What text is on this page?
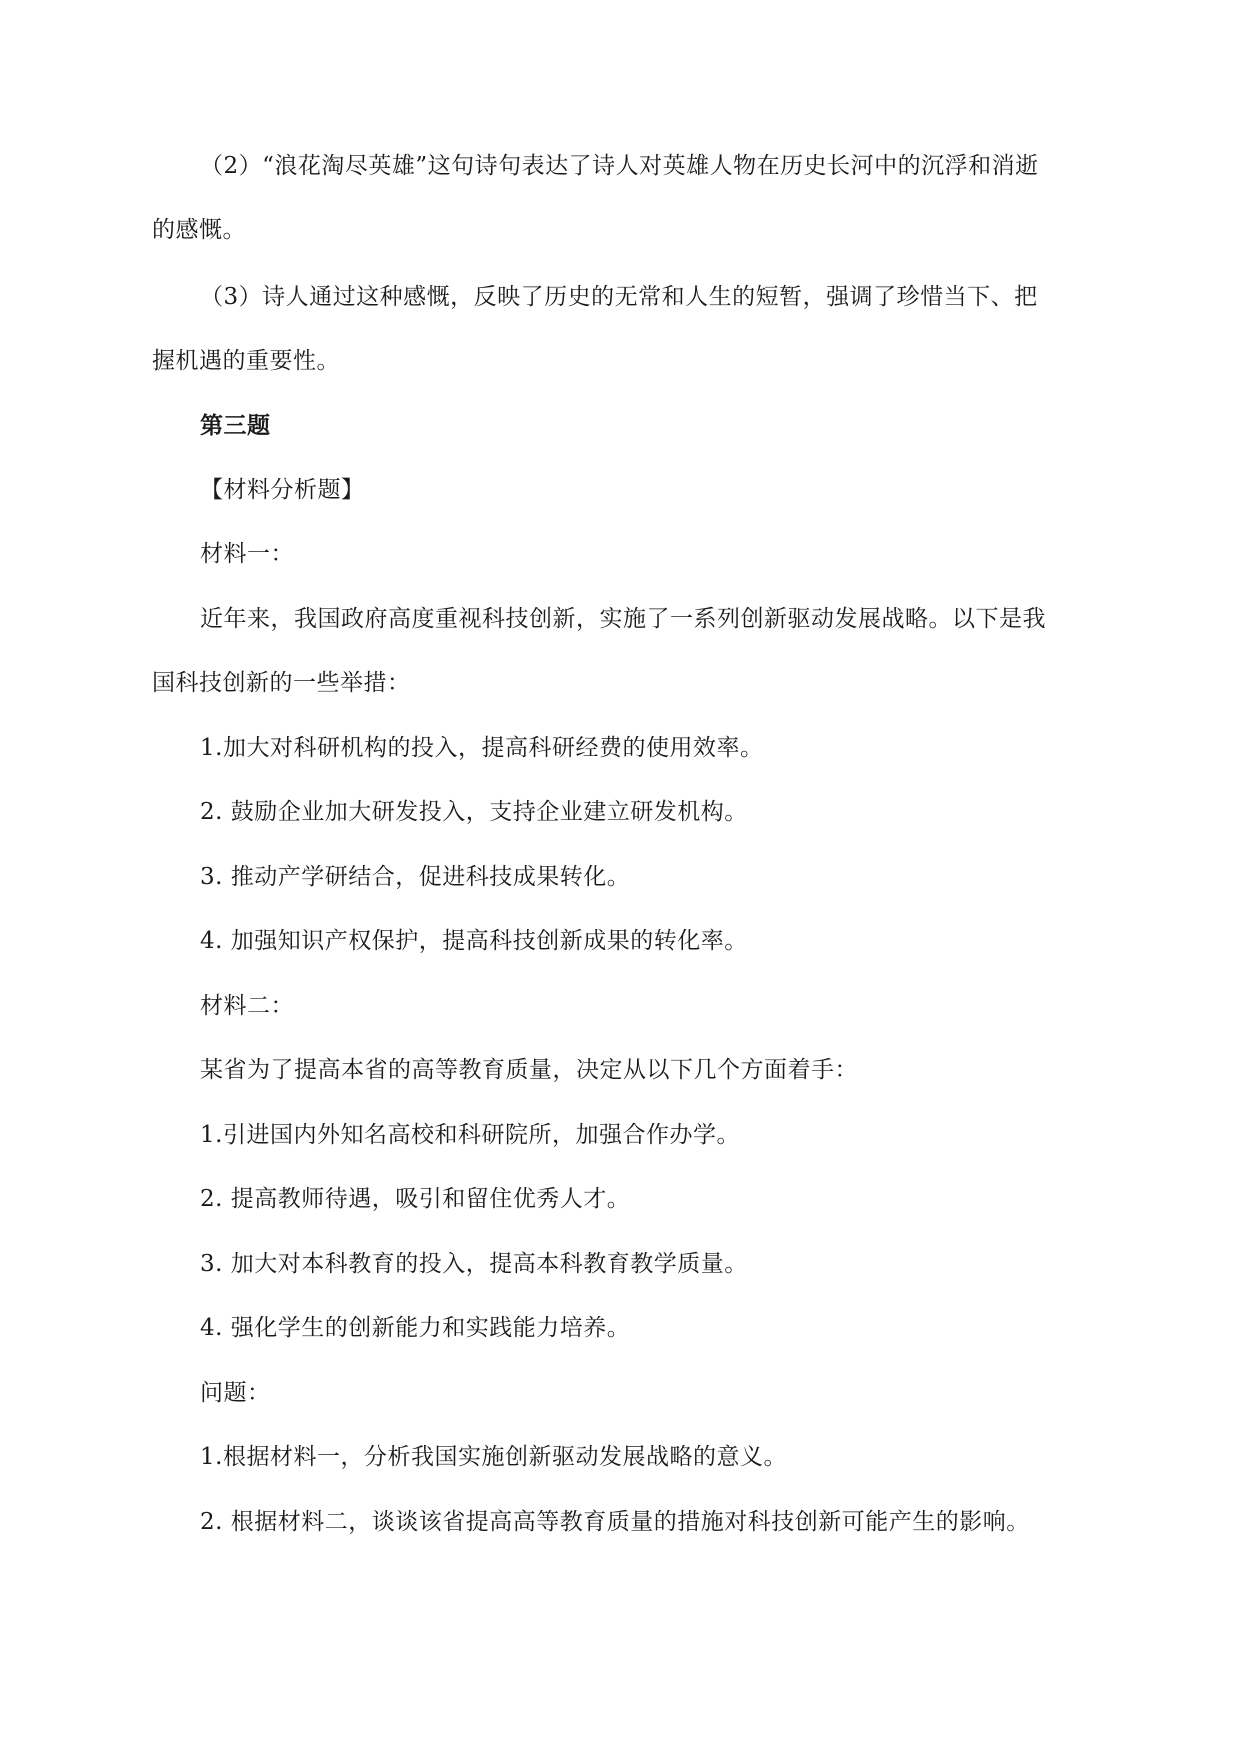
（2）“浪花淘尽英雄”这句诗句表达了诗人对英雄人物在历史长河中的沉浮和消逝
的感慨。
（3）诗人通过这种感慨，反映了历史的无常和人生的短暂，强调了珍惜当下、把
握机遇的重要性。
第三题
【材料分析题】
材料一：
近年来，我国政府高度重视科技创新，实施了一系列创新驱动发展战略。以下是我
国科技创新的一些举措：
1.加大对科研机构的投入，提高科研经费的使用效率。
2. 鼓励企业加大研发投入，支持企业建立研发机构。
3. 推动产学研结合，促进科技成果转化。
4. 加强知识产权保护，提高科技创新成果的转化率。
材料二：
某省为了提高本省的高等教育质量，决定从以下几个方面着手：
1.引进国内外知名高校和科研院所，加强合作办学。
2. 提高教师待遇，吸引和留住优秀人才。
3. 加大对本科教育的投入，提高本科教育教学质量。
4. 强化学生的创新能力和实践能力培养。
问题：
1.根据材料一，分析我国实施创新驱动发展战略的意义。
2. 根据材料二，谈谈该省提高高等教育质量的措施对科技创新可能产生的影响。
